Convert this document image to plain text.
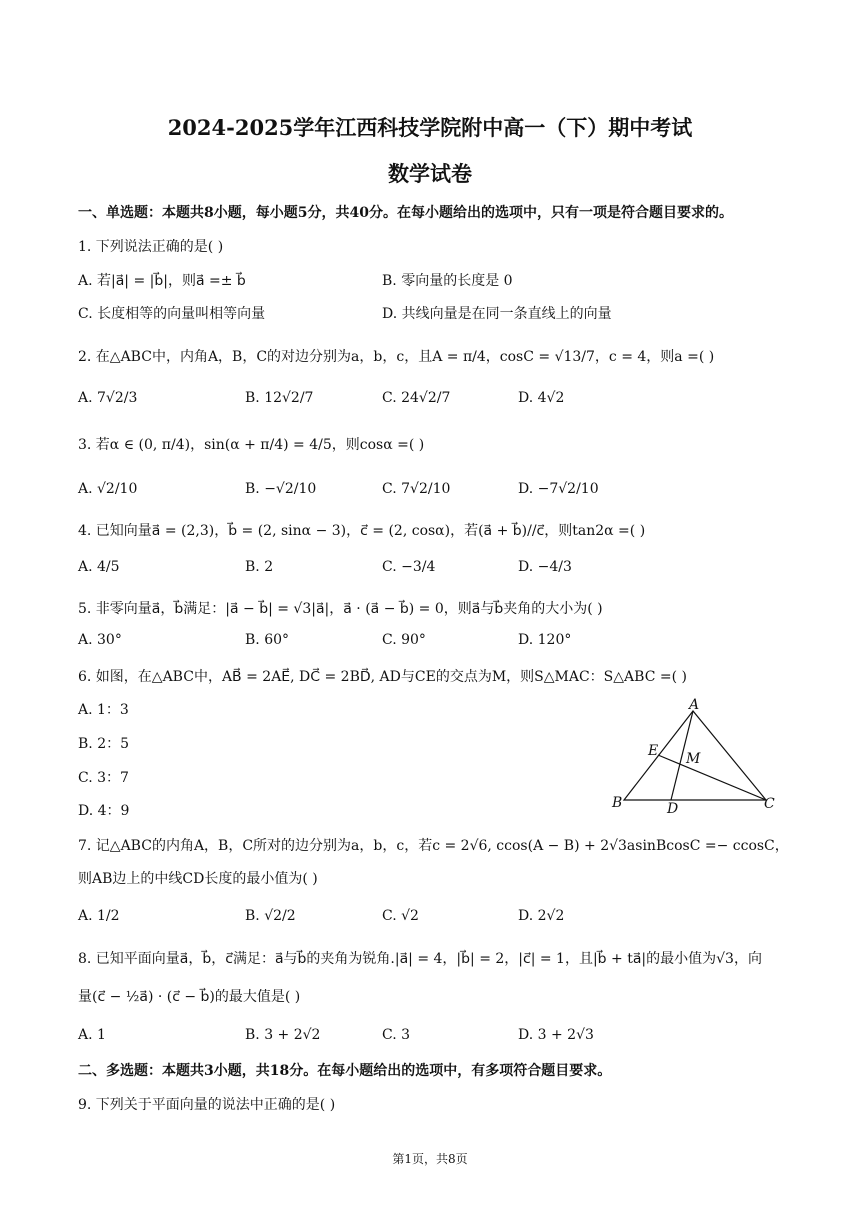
2024-2025学年江西科技学院附中高一（下）期中考试
数学试卷
一、单选题：本题共8小题，每小题5分，共40分。在每小题给出的选项中，只有一项是符合题目要求的。
1. 下列说法正确的是( )
A. 若|a⃗| = |b⃗|，则a⃗ =± b⃗	B. 零向量的长度是 0
C. 长度相等的向量叫相等向量	D. 共线向量是在同一条直线上的向量
2. 在△ABC中，内角A，B，C的对边分别为a，b，c，且A = π/4，cosC = √13/7，c = 4，则a =( )
A. 7√2/3	B. 12√2/7	C. 24√2/7	D. 4√2
3. 若α ∈ (0, π/4)，sin(α + π/4) = 4/5，则cosα =( )
A. √2/10	B. −√2/10	C. 7√2/10	D. −7√2/10
4. 已知向量a⃗ = (2,3)，b⃗ = (2, sinα − 3)，c⃗ = (2, cosα)，若(a⃗ + b⃗)//c⃗，则tan2α =( )
A. 4/5	B. 2	C. −3/4	D. −4/3
5. 非零向量a⃗，b⃗满足：|a⃗ − b⃗| = √3|a⃗|，a⃗ · (a⃗ − b⃗) = 0，则a⃗与b⃗夹角的大小为( )
A. 30°	B. 60°	C. 90°	D. 120°
6. 如图，在△ABC中，AB⃗ = 2AE⃗, DC⃗ = 2BD⃗, AD与CE的交点为M，则S△MAC：S△ABC =( )
A. 1：3
B. 2：5
C. 3：7
D. 4：9
A
B	C
D
E M
7. 记△ABC的内角A，B，C所对的边分别为a，b，c，若c = 2√6, ccos(A − B) + 2√3asinBcosC =− ccosC，
则AB边上的中线CD长度的最小值为( )
A. 1/2	B. √2/2	C. √2	D. 2√2
8. 已知平面向量a⃗，b⃗，c⃗满足：a⃗与b⃗的夹角为锐角.|a⃗| = 4，|b⃗| = 2，|c⃗| = 1，且|b⃗ + ta⃗|的最小值为√3，向
量(c⃗ − ½a⃗) · (c⃗ − b⃗)的最大值是( )
A. 1	B. 3 + 2√2	C. 3	D. 3 + 2√3
二、多选题：本题共3小题，共18分。在每小题给出的选项中，有多项符合题目要求。
9. 下列关于平面向量的说法中正确的是( )
第1页，共8页
